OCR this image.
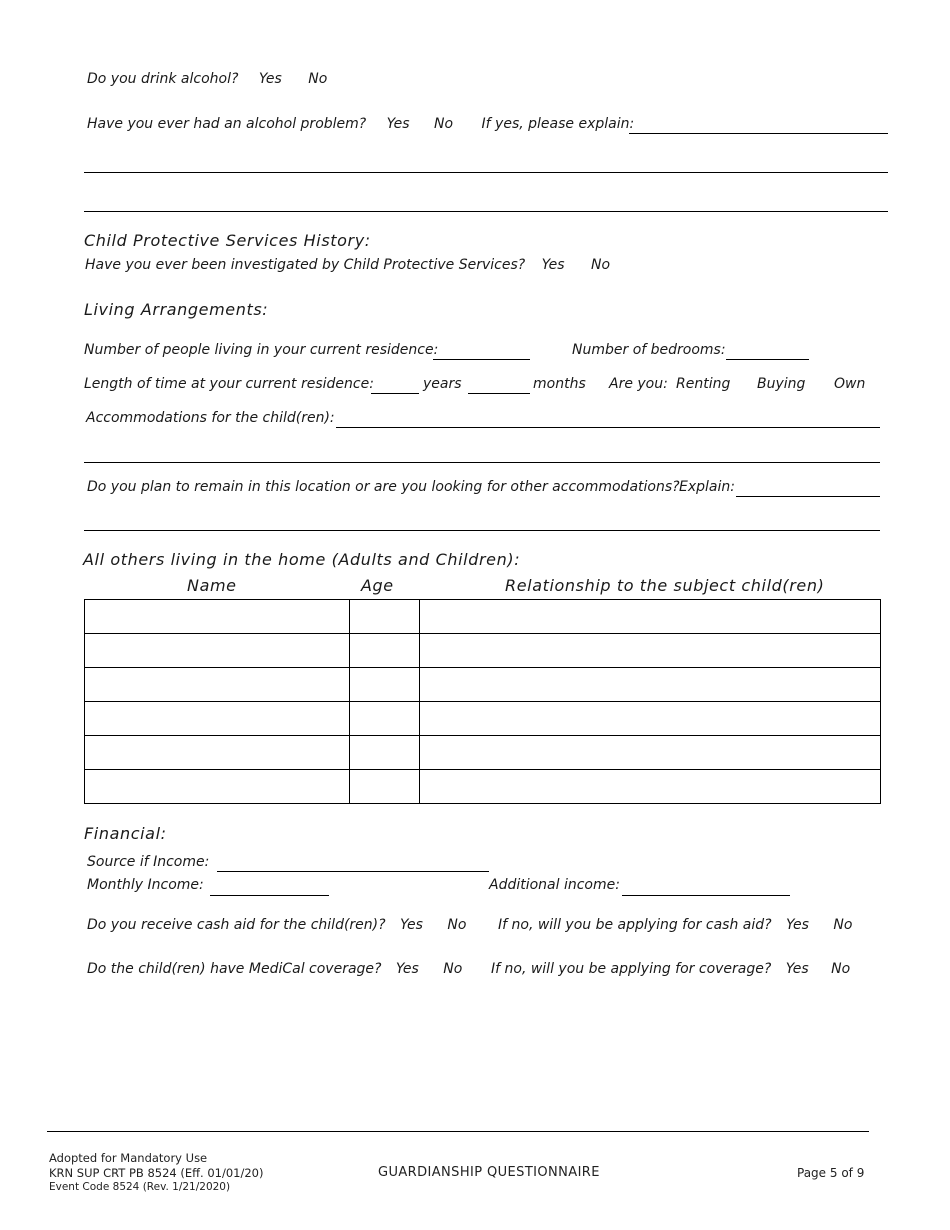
Do you drink alcohol? Yes No
Have you ever had an alcohol problem? Yes No If yes, please explain:
Child Protective Services History:
Have you ever been investigated by Child Protective Services? Yes No
Living Arrangements:
Number of people living in your current residence:	Number of bedrooms:
Length of time at your current residence:	years	months Are you: Renting Buying Own
Accommodations for the child(ren):
Do you plan to remain in this location or are you looking for other accommodations? Explain:
All others living in the home (Adults and Children):
Name	Age	Relationship to the subject child(ren)

Financial:
Source if Income:
Monthly Income:	Additional income:
Do you receive cash aid for the child(ren)? Yes No If no, will you be applying for cash aid? Yes No
Do the child(ren) have MediCal coverage? Yes No If no, will you be applying for coverage? Yes No
Adopted for Mandatory Use
KRN SUP CRT PB 8524 (Eff. 01/01/20)
Event Code 8524 (Rev. 1/21/2020)
GUARDIANSHIP QUESTIONNAIRE	Page 5 of 9
